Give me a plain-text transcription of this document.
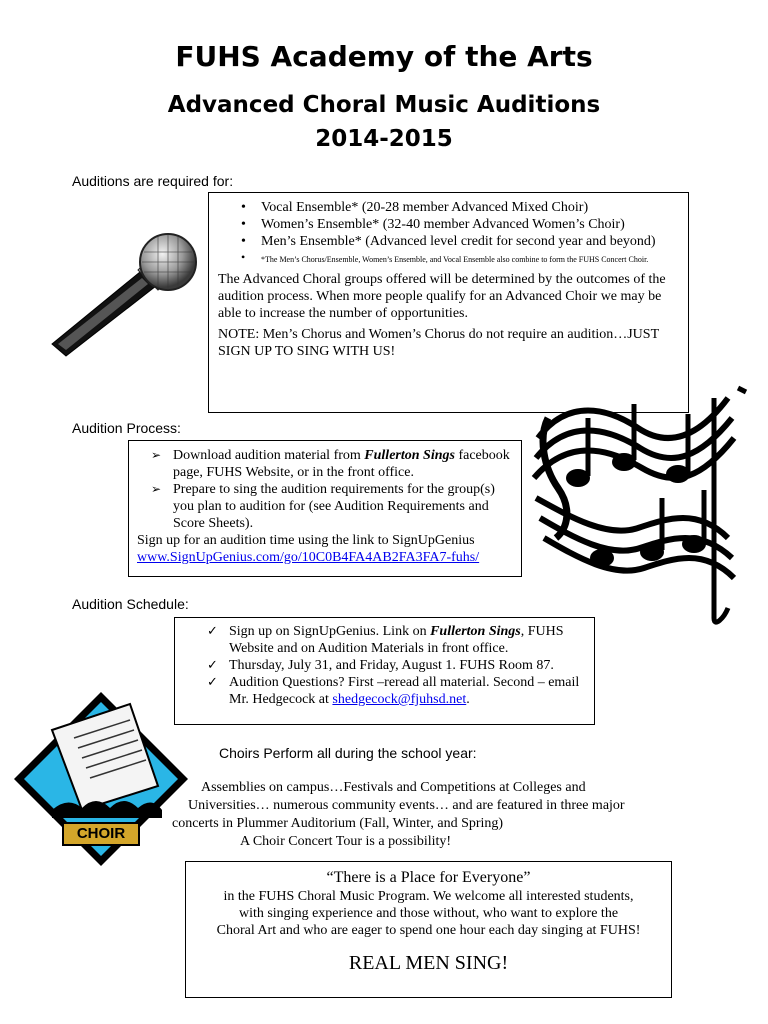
FUHS Academy of the Arts
Advanced Choral Music Auditions
2014-2015
Auditions are required for:
• Vocal Ensemble* (20-28 member Advanced Mixed Choir)
• Women’s Ensemble* (32-40 member Advanced Women’s Choir)
• Men’s Ensemble* (Advanced level credit for second year and beyond)
• *The Men’s Chorus/Ensemble, Women’s Ensemble, and Vocal Ensemble also combine to form the FUHS Concert Choir.
The Advanced Choral groups offered will be determined by the outcomes of the audition process. When more people qualify for an Advanced Choir we may be able to increase the number of opportunities.
NOTE: Men’s Chorus and Women’s Chorus do not require an audition…JUST SIGN UP TO SING WITH US!
Audition Process:
➢ Download audition material from Fullerton Sings facebook page, FUHS Website, or in the front office.
➢ Prepare to sing the audition requirements for the group(s) you plan to audition for (see Audition Requirements and Score Sheets).
Sign up for an audition time using the link to SignUpGenius
www.SignUpGenius.com/go/10C0B4FA4AB2FA3FA7-fuhs/
Audition Schedule:
✓ Sign up on SignUpGenius. Link on Fullerton Sings, FUHS Website and on Audition Materials in front office.
✓ Thursday, July 31, and Friday, August 1. FUHS Room 87.
✓ Audition Questions? First –reread all material. Second – email Mr. Hedgecock at shedgecock@fjuhsd.net.
CHOIR
Choirs Perform all during the school year:
Assemblies on campus…Festivals and Competitions at Colleges and
Universities… numerous community events… and are featured in three major
concerts in Plummer Auditorium (Fall, Winter, and Spring)
A Choir Concert Tour is a possibility!
“There is a Place for Everyone”
in the FUHS Choral Music Program. We welcome all interested students,
with singing experience and those without, who want to explore the
Choral Art and who are eager to spend one hour each day singing at FUHS!
REAL MEN SING!
